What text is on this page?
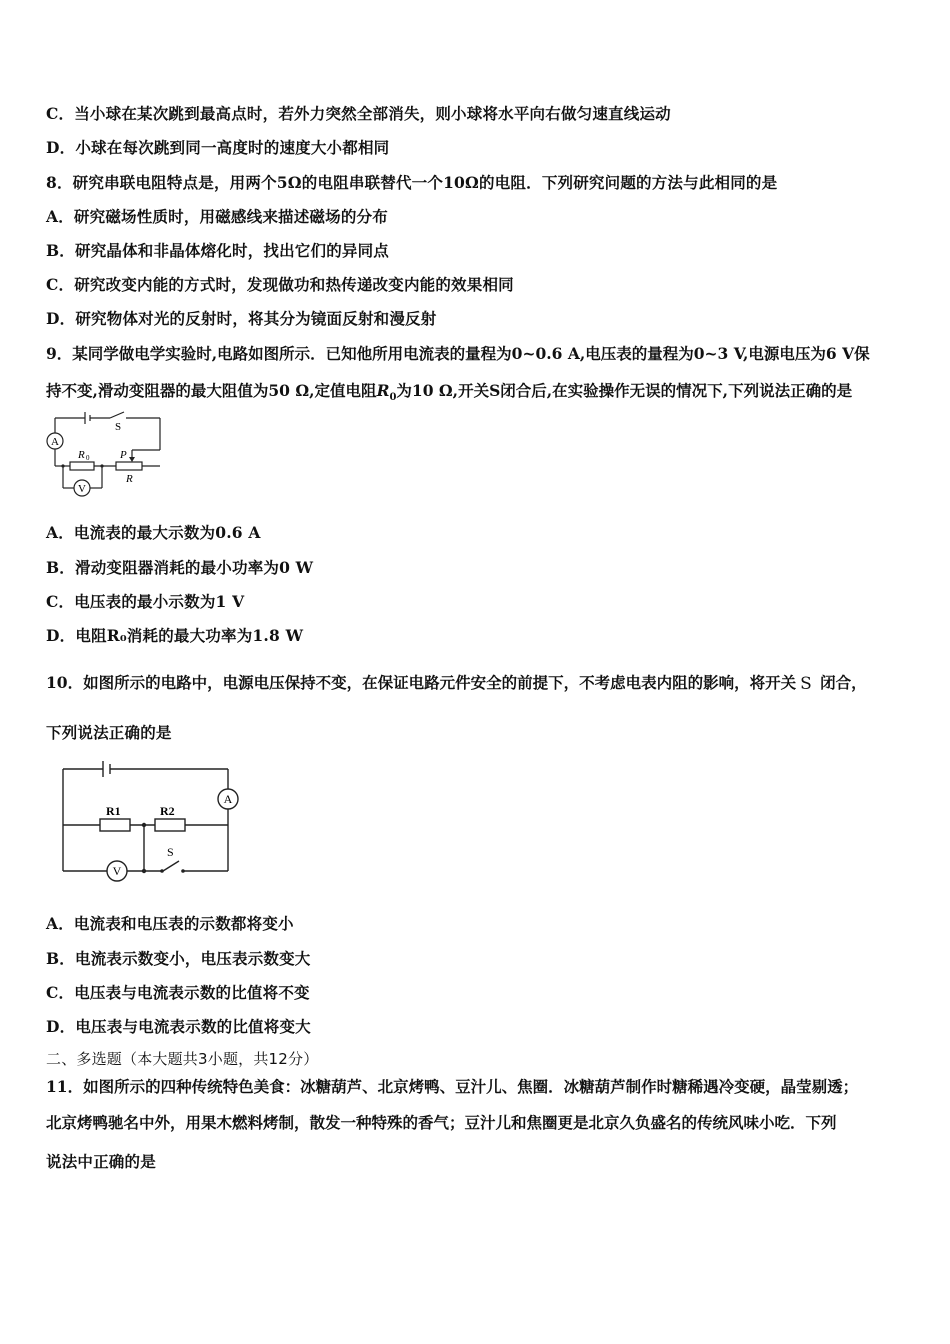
C．当小球在某次跳到最高点时，若外力突然全部消失，则小球将水平向右做匀速直线运动
D．小球在每次跳到同一高度时的速度大小都相同
8．研究串联电阻特点是，用两个5Ω的电阻串联替代一个10Ω的电阻．下列研究问题的方法与此相同的是
A．研究磁场性质时，用磁感线来描述磁场的分布
B．研究晶体和非晶体熔化时，找出它们的异同点
C．研究改变内能的方式时，发现做功和热传递改变内能的效果相同
D．研究物体对光的反射时，将其分为镜面反射和漫反射
9．某同学做电学实验时,电路如图所示．已知他所用电流表的量程为0~0.6 A,电压表的量程为0~3 V,电源电压为6 V保
持不变,滑动变阻器的最大阻值为50 Ω,定值电阻$R_0$为10 Ω,开关S闭合后,在实验操作无误的情况下,下列说法正确的是
A
V
S
R 0	P
R
A．电流表的最大示数为0.6 A
B．滑动变阻器消耗的最小功率为0 W
C．电压表的最小示数为1 V
D．电阻R₀消耗的最大功率为1.8 W
10．如图所示的电路中，电源电压保持不变，在保证电路元件安全的前提下，不考虑电表内阻的影响，将开关 S 闭合，
下列说法正确的是
A
V
R1	R2
S
A．电流表和电压表的示数都将变小
B．电流表示数变小，电压表示数变大
C．电压表与电流表示数的比值将不变
D．电压表与电流表示数的比值将变大
二、多选题（本大题共3小题，共12分）
11．如图所示的四种传统特色美食：冰糖葫芦、北京烤鸭、豆汁儿、焦圈．冰糖葫芦制作时糖稀遇冷变硬，晶莹剔透；
北京烤鸭驰名中外，用果木燃料烤制，散发一种特殊的香气；豆汁儿和焦圈更是北京久负盛名的传统风味小吃．下列
说法中正确的是
